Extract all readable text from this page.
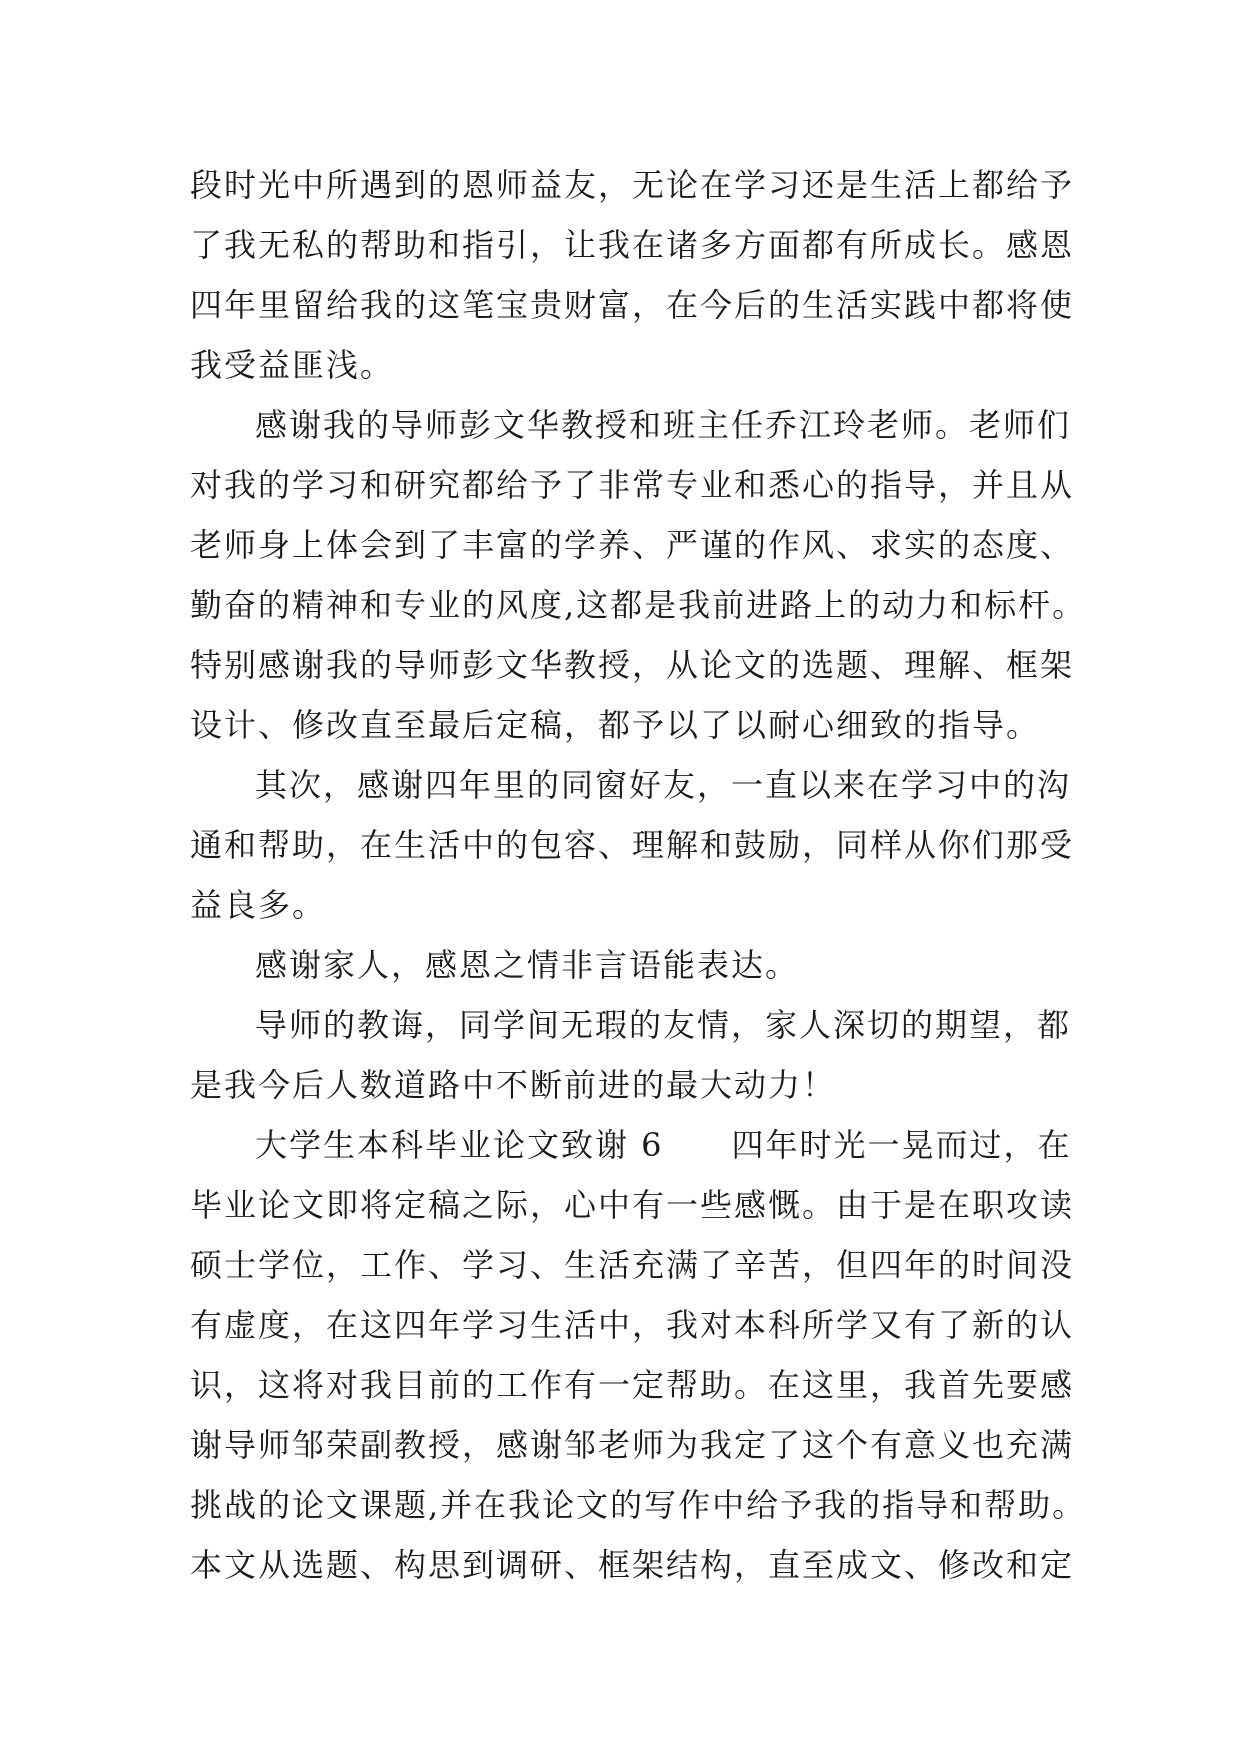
段时光中所遇到的恩师益友，无论在学习还是生活上都给予
了我无私的帮助和指引，让我在诸多方面都有所成长。感恩
四年里留给我的这笔宝贵财富，在今后的生活实践中都将使
我受益匪浅。
感谢我的导师彭文华教授和班主任乔江玲老师。老师们
对我的学习和研究都给予了非常专业和悉心的指导，并且从
老师身上体会到了丰富的学养、严谨的作风、求实的态度、
勤奋的精神和专业的风度,这都是我前进路上的动力和标杆。
特别感谢我的导师彭文华教授，从论文的选题、理解、框架
设计、修改直至最后定稿，都予以了以耐心细致的指导。
其次，感谢四年里的同窗好友，一直以来在学习中的沟
通和帮助，在生活中的包容、理解和鼓励，同样从你们那受
益良多。
感谢家人，感恩之情非言语能表达。
导师的教诲，同学间无瑕的友情，家人深切的期望，都
是我今后人数道路中不断前进的最大动力！
大学生本科毕业论文致谢 6　　四年时光一晃而过，在
毕业论文即将定稿之际，心中有一些感慨。由于是在职攻读
硕士学位，工作、学习、生活充满了辛苦，但四年的时间没
有虚度，在这四年学习生活中，我对本科所学又有了新的认
识，这将对我目前的工作有一定帮助。在这里，我首先要感
谢导师邹荣副教授，感谢邹老师为我定了这个有意义也充满
挑战的论文课题,并在我论文的写作中给予我的指导和帮助。
本文从选题、构思到调研、框架结构，直至成文、修改和定
